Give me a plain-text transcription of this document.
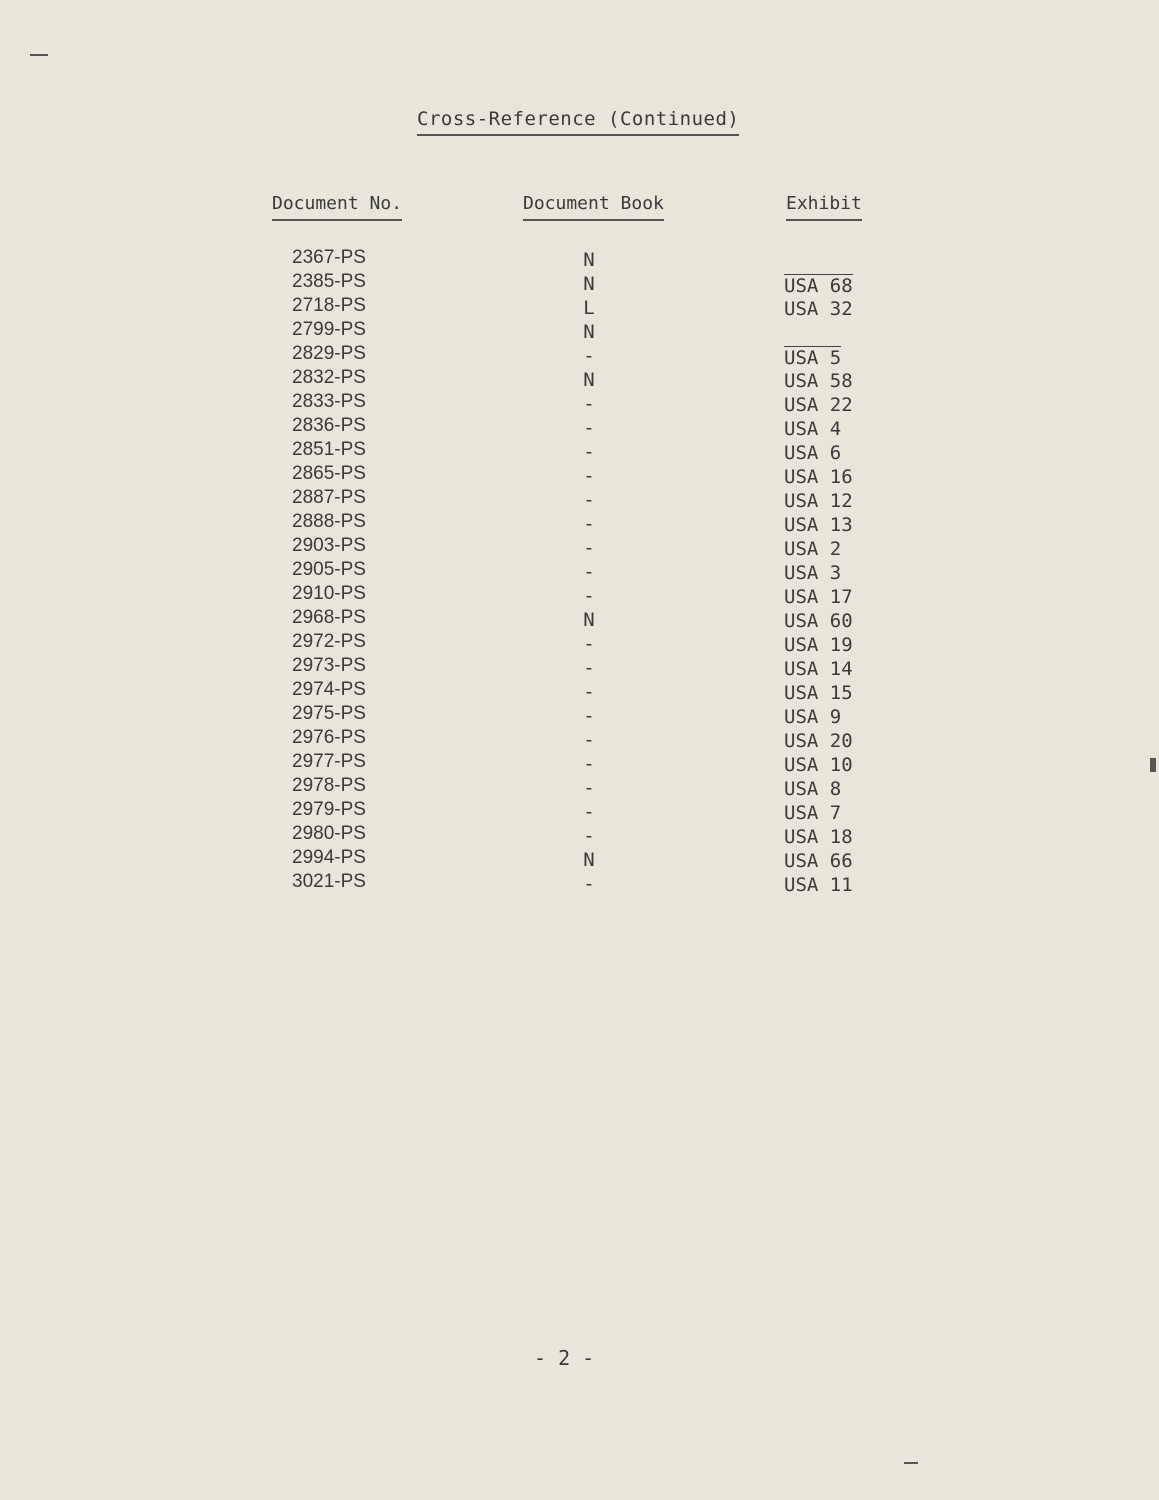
Cross-Reference (Continued)
Document No.	Document Book	Exhibit
2367-PS	N
2385-PS	N	USA 68
2718-PS	L	USA 32
2799-PS	N
2829-PS	-	USA 5
2832-PS	N	USA 58
2833-PS	-	USA 22
2836-PS	-	USA 4
2851-PS	-	USA 6
2865-PS	-	USA 16
2887-PS	-	USA 12
2888-PS	-	USA 13
2903-PS	-	USA 2
2905-PS	-	USA 3
2910-PS	-	USA 17
2968-PS	N	USA 60
2972-PS	-	USA 19
2973-PS	-	USA 14
2974-PS	-	USA 15
2975-PS	-	USA 9
2976-PS	-	USA 20
2977-PS	-	USA 10
2978-PS	-	USA 8
2979-PS	-	USA 7
2980-PS	-	USA 18
2994-PS	N	USA 66
3021-PS	-	USA 11
- 2 -
